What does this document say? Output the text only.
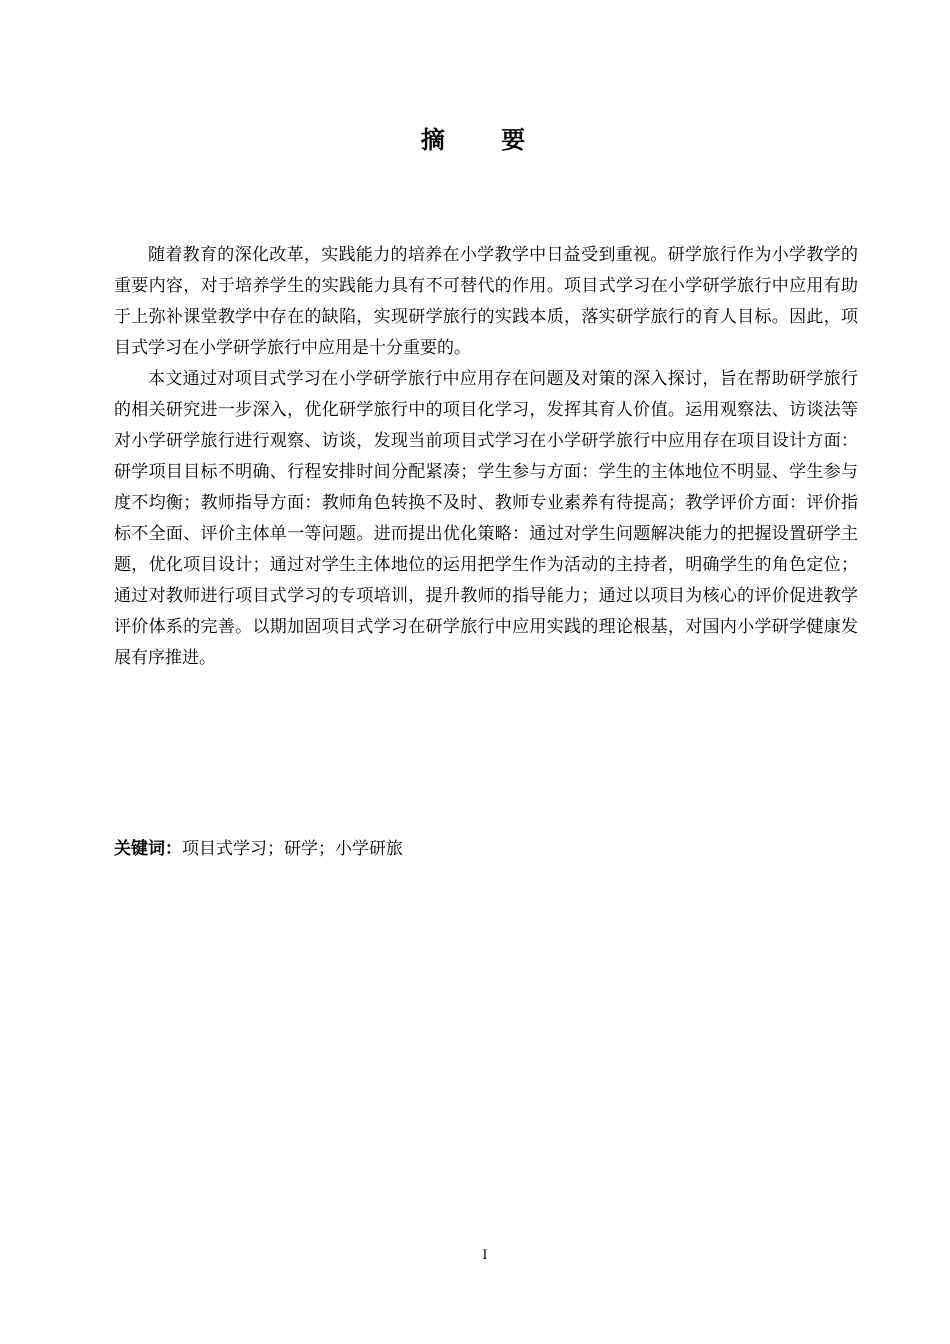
摘 要

随着教育的深化改革，实践能力的培养在小学教学中日益受到重视。研学旅行作为小学教学的重要内容，对于培养学生的实践能力具有不可替代的作用。项目式学习在小学研学旅行中应用有助于上弥补课堂教学中存在的缺陷，实现研学旅行的实践本质，落实研学旅行的育人目标。因此，项目式学习在小学研学旅行中应用是十分重要的。

本文通过对项目式学习在小学研学旅行中应用存在问题及对策的深入探讨，旨在帮助研学旅行的相关研究进一步深入，优化研学旅行中的项目化学习，发挥其育人价值。运用观察法、访谈法等对小学研学旅行进行观察、访谈，发现当前项目式学习在小学研学旅行中应用存在项目设计方面：研学项目目标不明确、行程安排时间分配紧凑；学生参与方面：学生的主体地位不明显、学生参与度不均衡；教师指导方面：教师角色转换不及时、教师专业素养有待提高；教学评价方面：评价指标不全面、评价主体单一等问题。进而提出优化策略：通过对学生问题解决能力的把握设置研学主题，优化项目设计；通过对学生主体地位的运用把学生作为活动的主持者，明确学生的角色定位；通过对教师进行项目式学习的专项培训，提升教师的指导能力；通过以项目为核心的评价促进教学评价体系的完善。以期加固项目式学习在研学旅行中应用实践的理论根基，对国内小学研学健康发展有序推进。

关键词：项目式学习；研学；小学研旅
I
